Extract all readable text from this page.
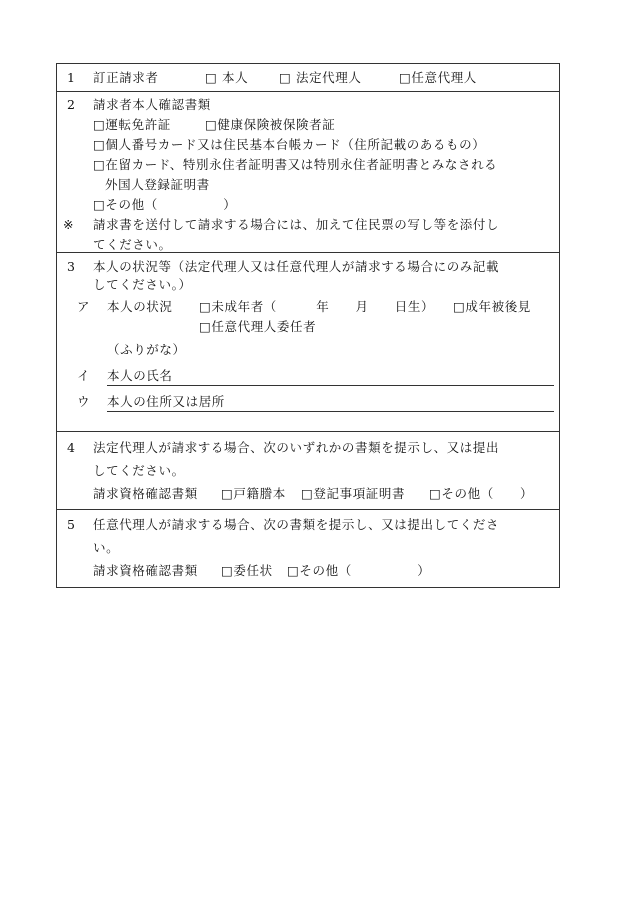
1 訂正請求者	□ 本人 □ 法定代理人	□任意代理人
2 請求者本人確認書類
□運転免許証	□健康保険被保険者証
□個人番号カード又は住民基本台帳カード（住所記載のあるもの）
□在留カード、特別永住者証明書又は特別永住者証明書とみなされる
外国人登録証明書
□その他（　　　　　）
※ 請求書を送付して請求する場合には、加えて住民票の写し等を添付し
てください。
3 本人の状況等（法定代理人又は任意代理人が請求する場合にのみ記載
してください。）
ア 本人の状況 □未成年者（　　　年　　月　　日生） □成年被後見
□任意代理人委任者
（ふりがな）
イ 本人の氏名
ウ 本人の住所又は居所
4 法定代理人が請求する場合、次のいずれかの書類を提示し、又は提出
してください。
請求資格確認書類 □戸籍謄本 □登記事項証明書 □その他（　　）
5 任意代理人が請求する場合、次の書類を提示し、又は提出してくださ
い。
請求資格確認書類 □委任状 □その他（　　　　　）
